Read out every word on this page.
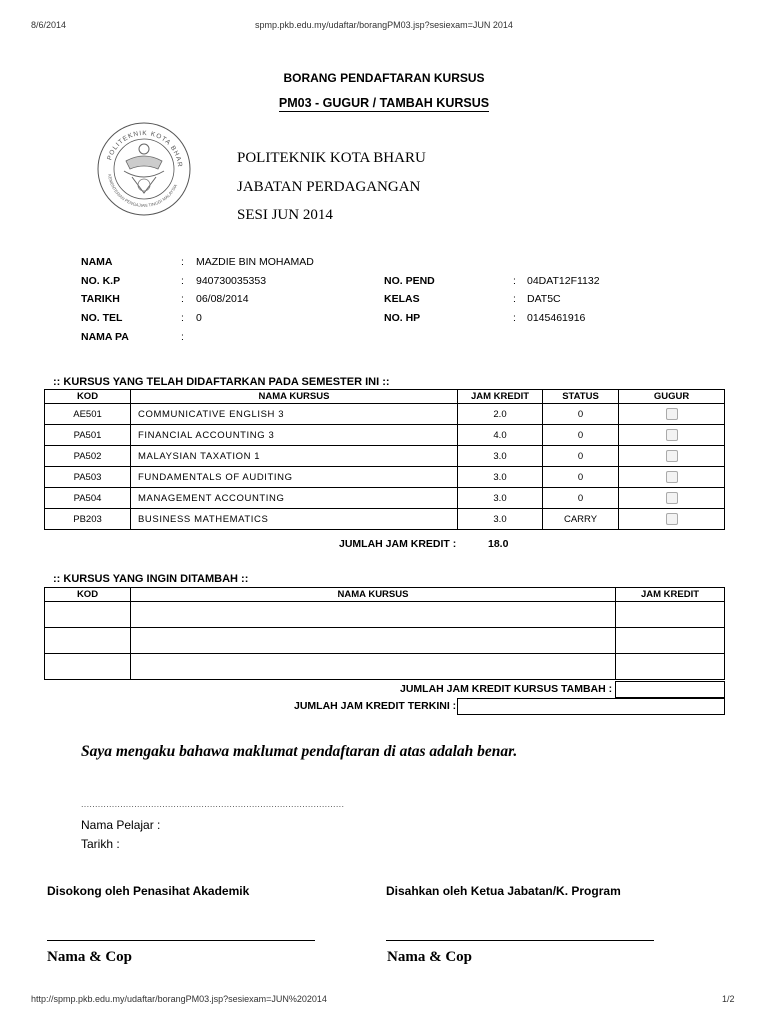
8/6/2014	spmp.pkb.edu.my/udaftar/borangPM03.jsp?sesiexam=JUN 2014
BORANG PENDAFTARAN KURSUS
PM03 - GUGUR / TAMBAH KURSUS
POLITEKNIK KOTA BHAR
KEMENTERIAN PENGAJIAN TINGGI MALAYSIA
POLITEKNIK KOTA BHARU
JABATAN PERDAGANGAN
SESI JUN 2014
NAMA	: MAZDIE BIN MOHAMAD
NO. K.P	: 940730035353
TARIKH	: 06/08/2014
NO. TEL	: 0
NAMA PA	:
NO. PEND	: 04DAT12F1132
KELAS	: DAT5C
NO. HP	: 0145461916
:: KURSUS YANG TELAH DIDAFTARKAN PADA SEMESTER INI ::
KOD	NAMA KURSUS	JAM KREDIT	STATUS	GUGUR
AE501	COMMUNICATIVE ENGLISH 3	2.0	0	
PA501	FINANCIAL ACCOUNTING 3	4.0	0	
PA502	MALAYSIAN TAXATION 1	3.0	0	
PA503	FUNDAMENTALS OF AUDITING	3.0	0	
PA504	MANAGEMENT ACCOUNTING	3.0	0	
PB203	BUSINESS MATHEMATICS	3.0	CARRY	
JUMLAH JAM KREDIT :	18.0
:: KURSUS YANG INGIN DITAMBAH ::
KOD	NAMA KURSUS	JAM KREDIT

JUMLAH JAM KREDIT KURSUS TAMBAH :
JUMLAH JAM KREDIT TERKINI :
Saya mengaku bahawa maklumat pendaftaran di atas adalah benar.
..............................................................................................
Nama Pelajar :
Tarikh :
Disokong oleh Penasihat Akademik	Disahkan oleh Ketua Jabatan/K. Program
Nama & Cop	Nama & Cop
http://spmp.pkb.edu.my/udaftar/borangPM03.jsp?sesiexam=JUN%202014	1/2
